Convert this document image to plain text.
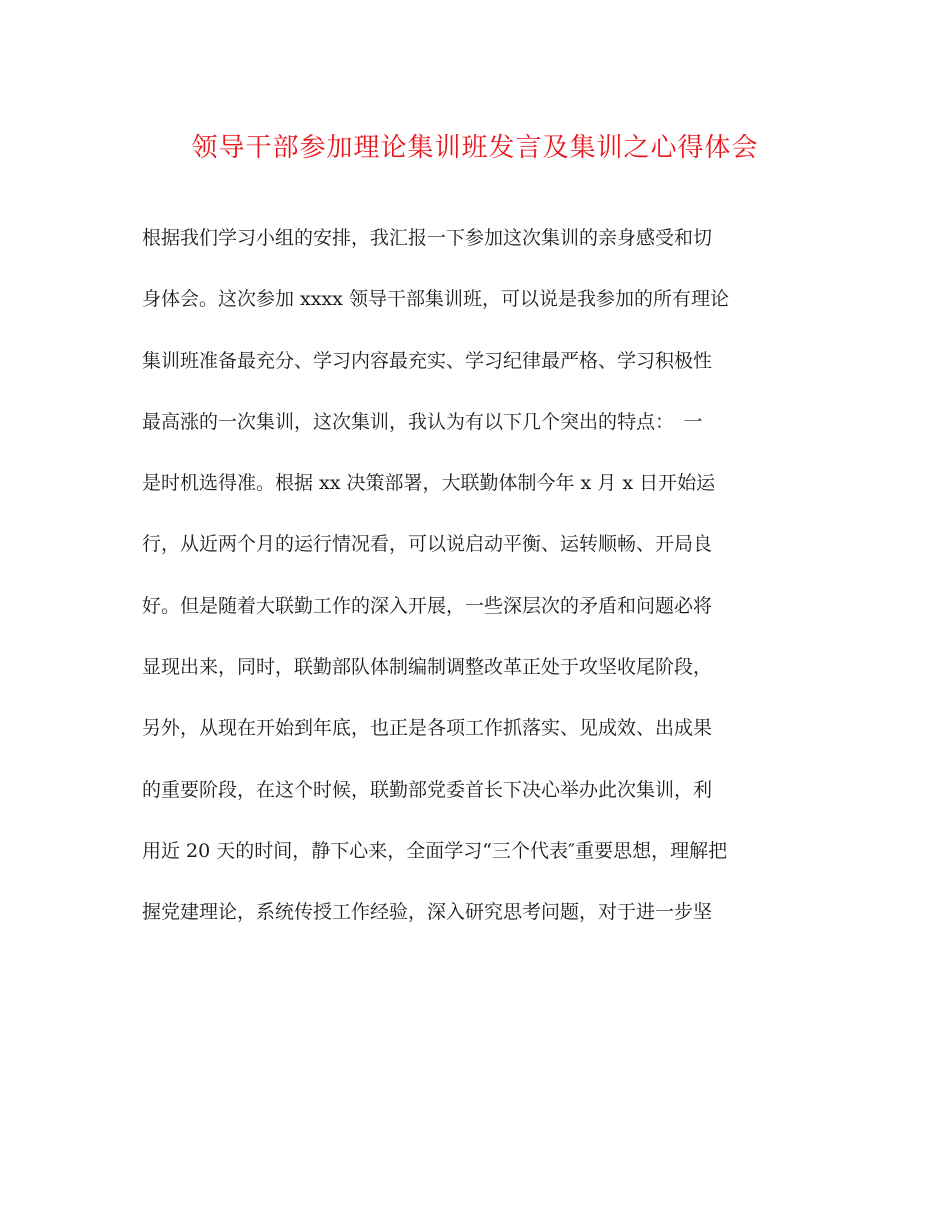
领导干部参加理论集训班发言及集训之心得体会
根据我们学习小组的安排，我汇报一下参加这次集训的亲身感受和切
身体会。这次参加 xxxx 领导干部集训班，可以说是我参加的所有理论
集训班准备最充分、学习内容最充实、学习纪律最严格、学习积极性
最高涨的一次集训，这次集训，我认为有以下几个突出的特点：　一
是时机选得准。根据 xx 决策部署，大联勤体制今年 x 月 x 日开始运
行，从近两个月的运行情况看，可以说启动平衡、运转顺畅、开局良
好。但是随着大联勤工作的深入开展，一些深层次的矛盾和问题必将
显现出来，同时，联勤部队体制编制调整改革正处于攻坚收尾阶段，
另外，从现在开始到年底，也正是各项工作抓落实、见成效、出成果
的重要阶段，在这个时候，联勤部党委首长下决心举办此次集训，利
用近 20 天的时间，静下心来，全面学习“三个代表″重要思想，理解把
握党建理论，系统传授工作经验，深入研究思考问题，对于进一步坚
